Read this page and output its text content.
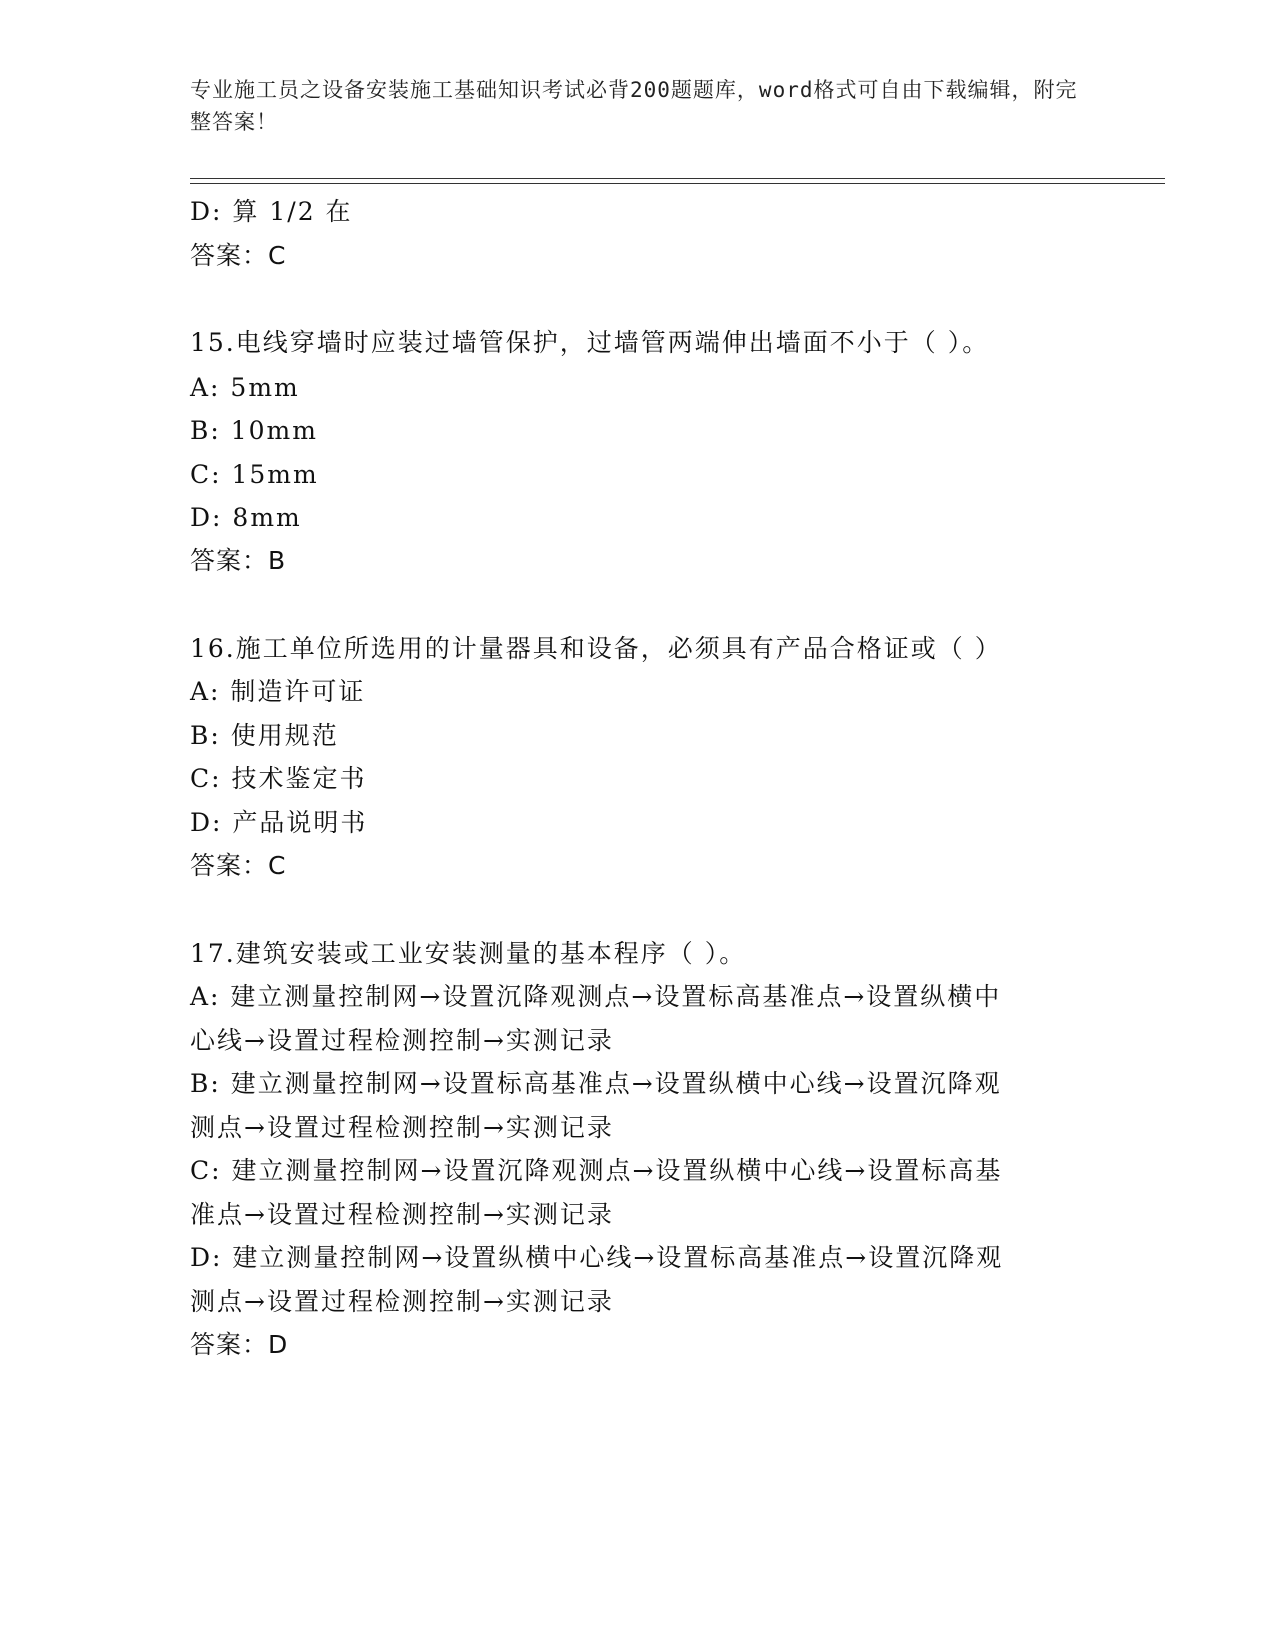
专业施工员之设备安装施工基础知识考试必背200题题库，word格式可自由下载编辑，附完整答案！
D: 算 1/2 在
答案：C
15.电线穿墙时应装过墙管保护，过墙管两端伸出墙面不小于（ ）。
A: 5mm
B: 10mm
C: 15mm
D: 8mm
答案：B
16.施工单位所选用的计量器具和设备，必须具有产品合格证或（ ）
A: 制造许可证
B: 使用规范
C: 技术鉴定书
D: 产品说明书
答案：C
17.建筑安装或工业安装测量的基本程序（ ）。
A: 建立测量控制网→设置沉降观测点→设置标高基准点→设置纵横中
心线→设置过程检测控制→实测记录
B: 建立测量控制网→设置标高基准点→设置纵横中心线→设置沉降观
测点→设置过程检测控制→实测记录
C: 建立测量控制网→设置沉降观测点→设置纵横中心线→设置标高基
准点→设置过程检测控制→实测记录
D: 建立测量控制网→设置纵横中心线→设置标高基准点→设置沉降观
测点→设置过程检测控制→实测记录
答案：D
